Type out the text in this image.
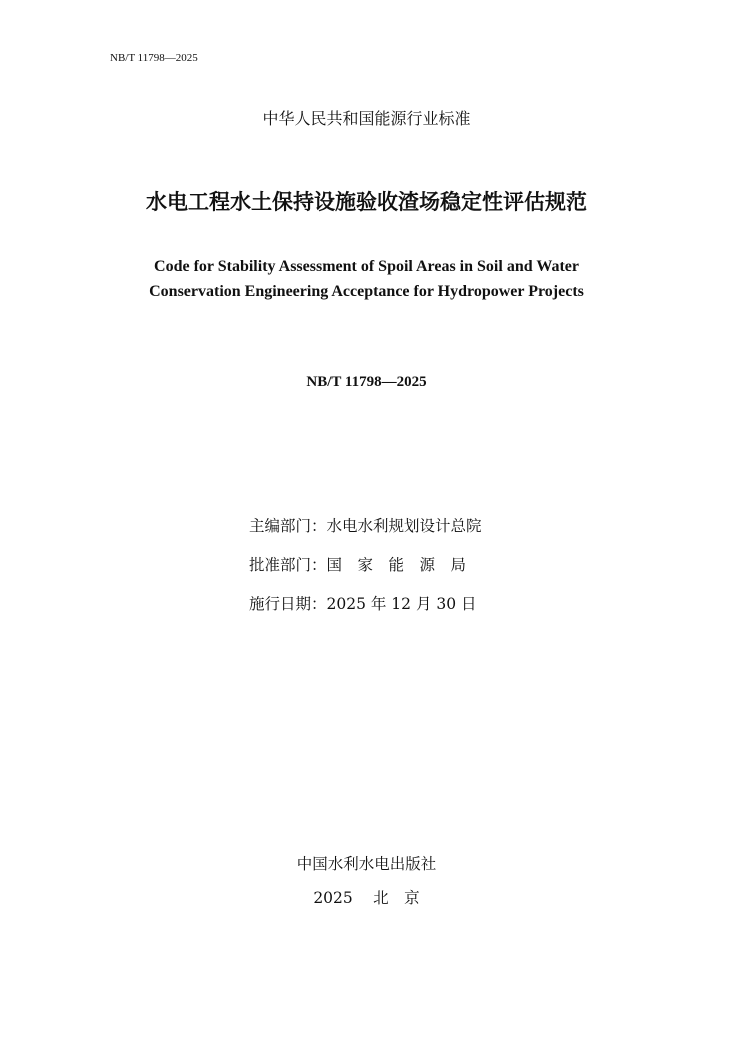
NB/T 11798—2025
中华人民共和国能源行业标准
水电工程水土保持设施验收渣场稳定性评估规范
Code for Stability Assessment of Spoil Areas in Soil and Water
Conservation Engineering Acceptance for Hydropower Projects
NB/T 11798—2025
主编部门：水电水利规划设计总院
批准部门：国　家　能　源　局
施行日期：2025 年 12 月 30 日
中国水利水电出版社
2025　 北　京
